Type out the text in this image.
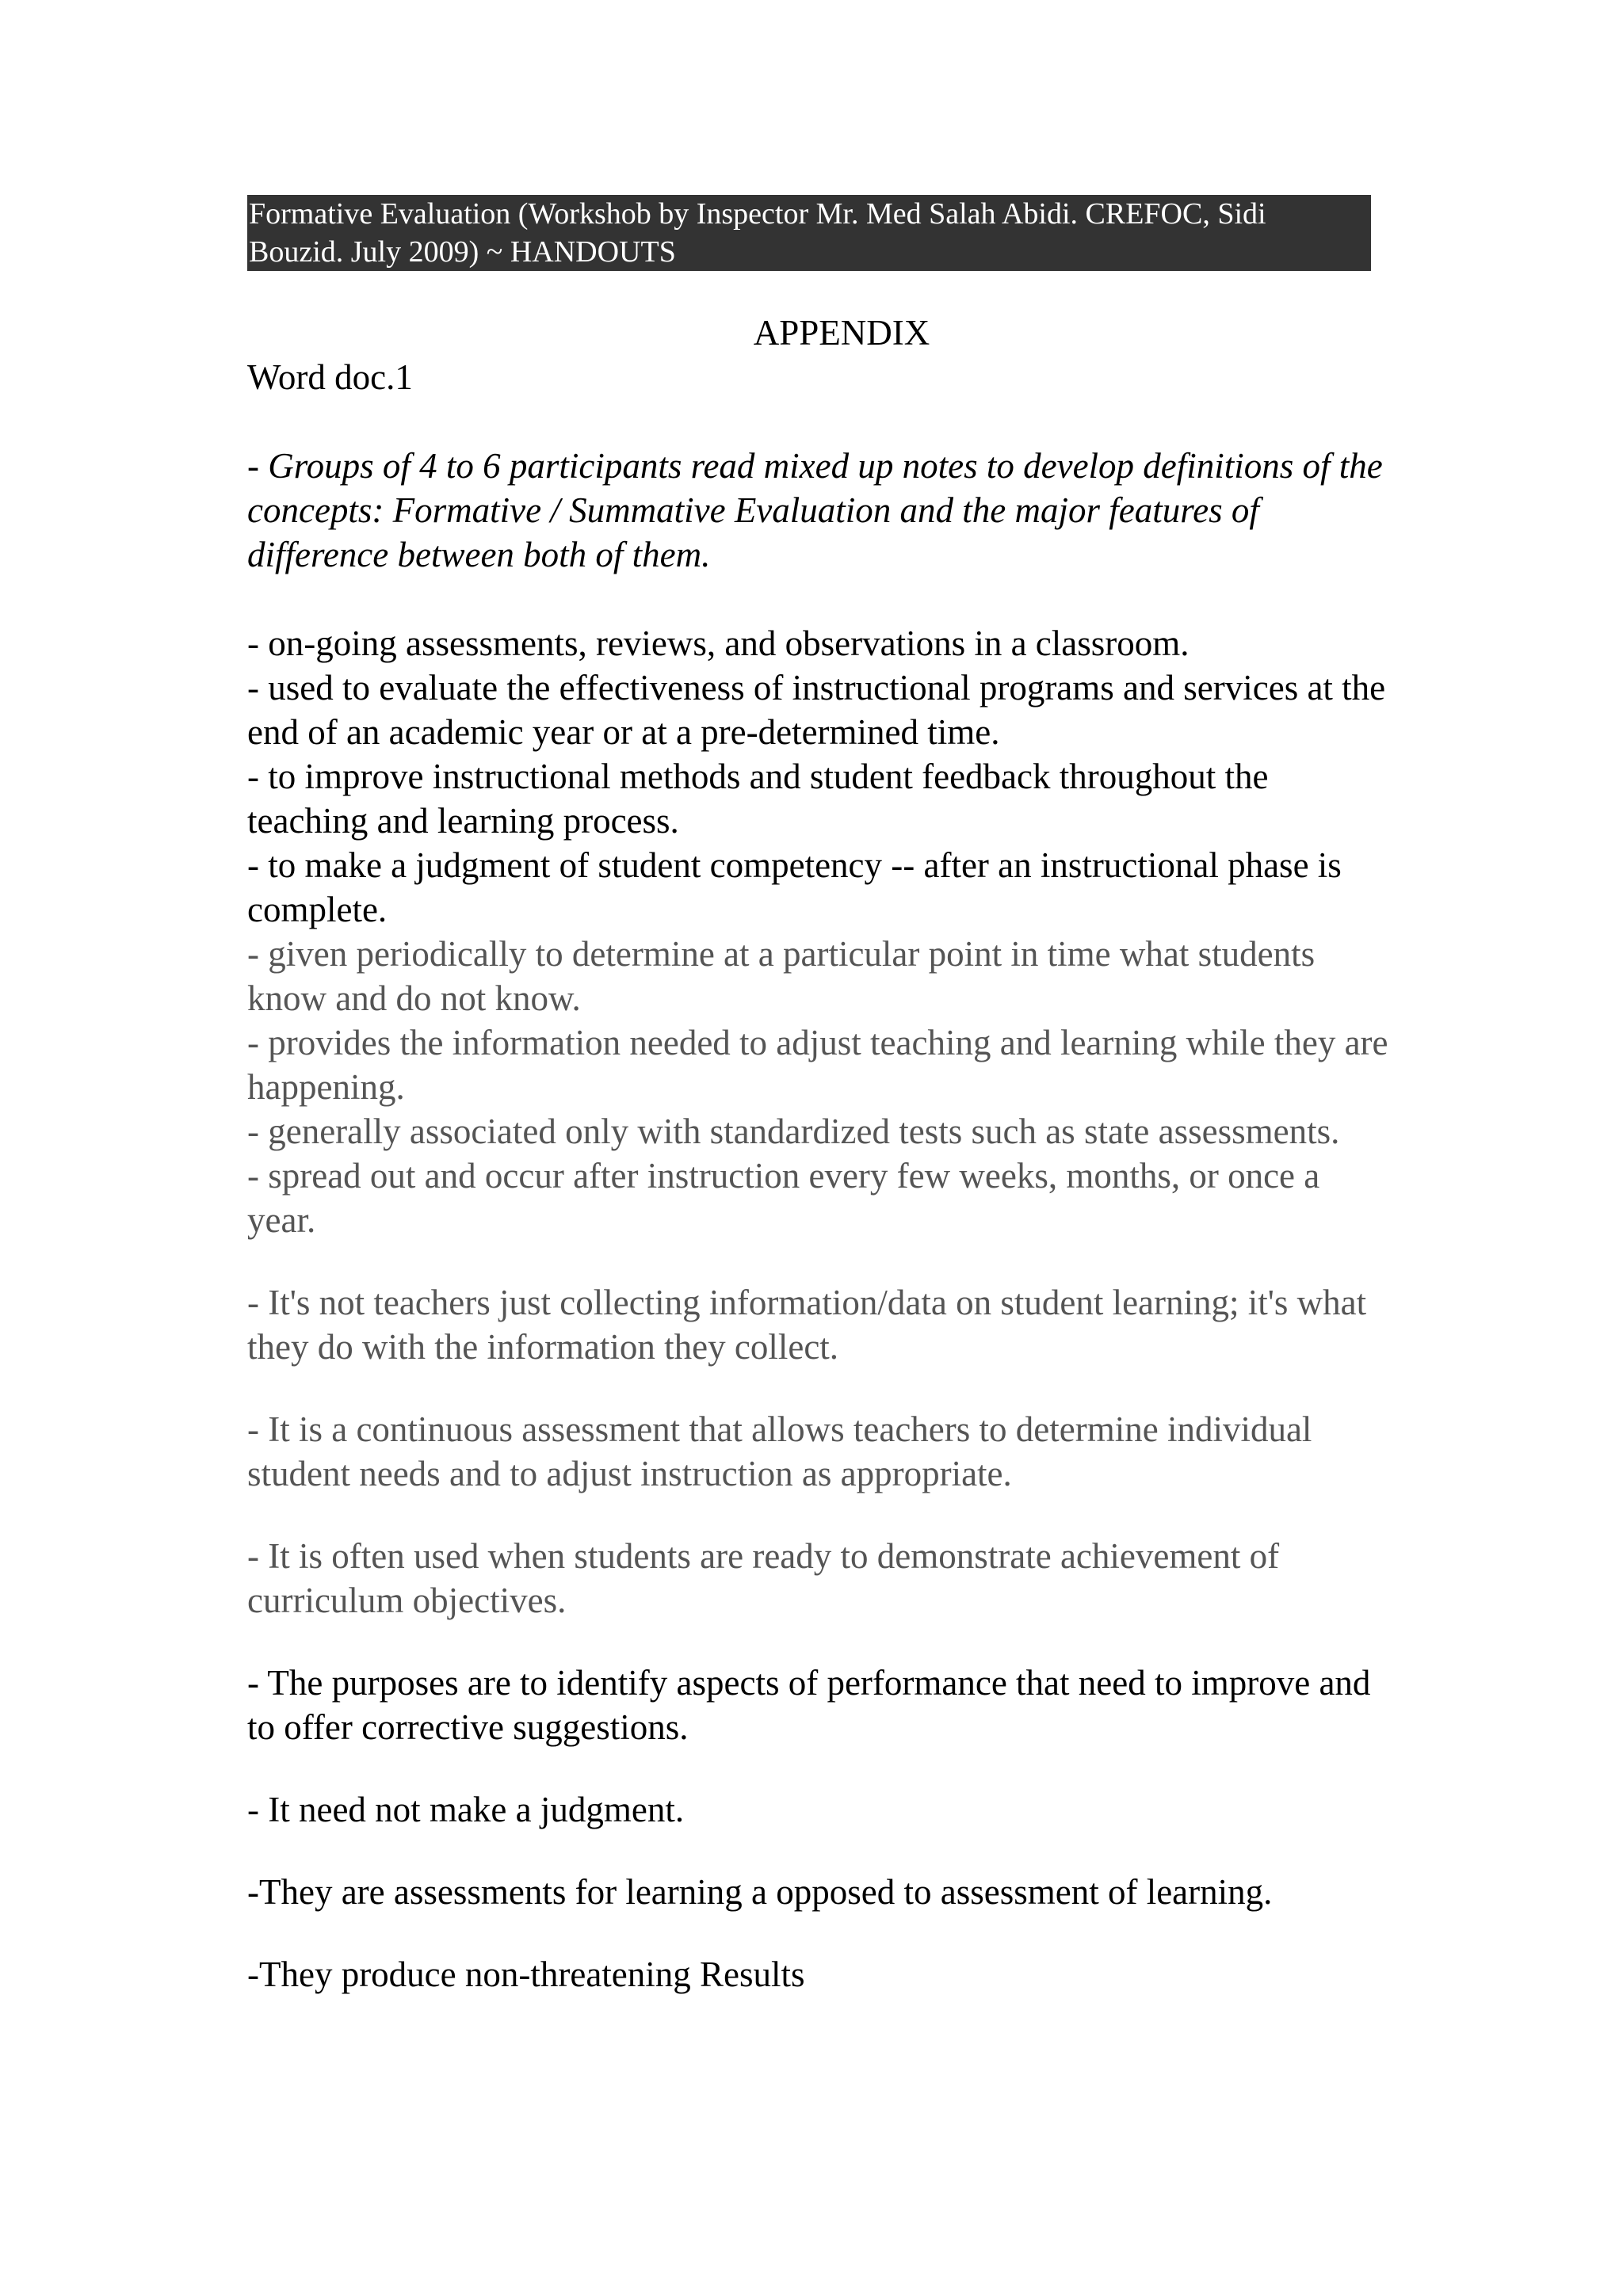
Formative Evaluation (Workshob by Inspector Mr. Med Salah Abidi. CREFOC, Sidi
Bouzid. July 2009) ~ HANDOUTS
APPENDIX
Word doc.1
- Groups of 4 to 6 participants read mixed up notes to develop definitions of the concepts: Formative / Summative Evaluation and the major features of difference between both of them.

- on-going assessments, reviews, and observations in a classroom.

- used to evaluate the effectiveness of instructional programs and services at the end of an academic year or at a pre-determined time.

- to improve instructional methods and student feedback throughout the teaching and learning process.

- to make a judgment of student competency -- after an instructional phase is complete.

- given periodically to determine at a particular point in time what students know and do not know.

- provides the information needed to adjust teaching and learning while they are happening.

- generally associated only with standardized tests such as state assessments.

- spread out and occur after instruction every few weeks, months, or once a year.

- It's not teachers just collecting information/data on student learning; it's what they do with the information they collect.

- It is a continuous assessment that allows teachers to determine individual student needs and to adjust instruction as appropriate.

- It is often used when students are ready to demonstrate achievement of curriculum objectives.

- The purposes are to identify aspects of performance that need to improve and to offer corrective suggestions.

- It need not make a judgment.

-They are assessments for learning a opposed to assessment of learning.

-They produce non-threatening Results
